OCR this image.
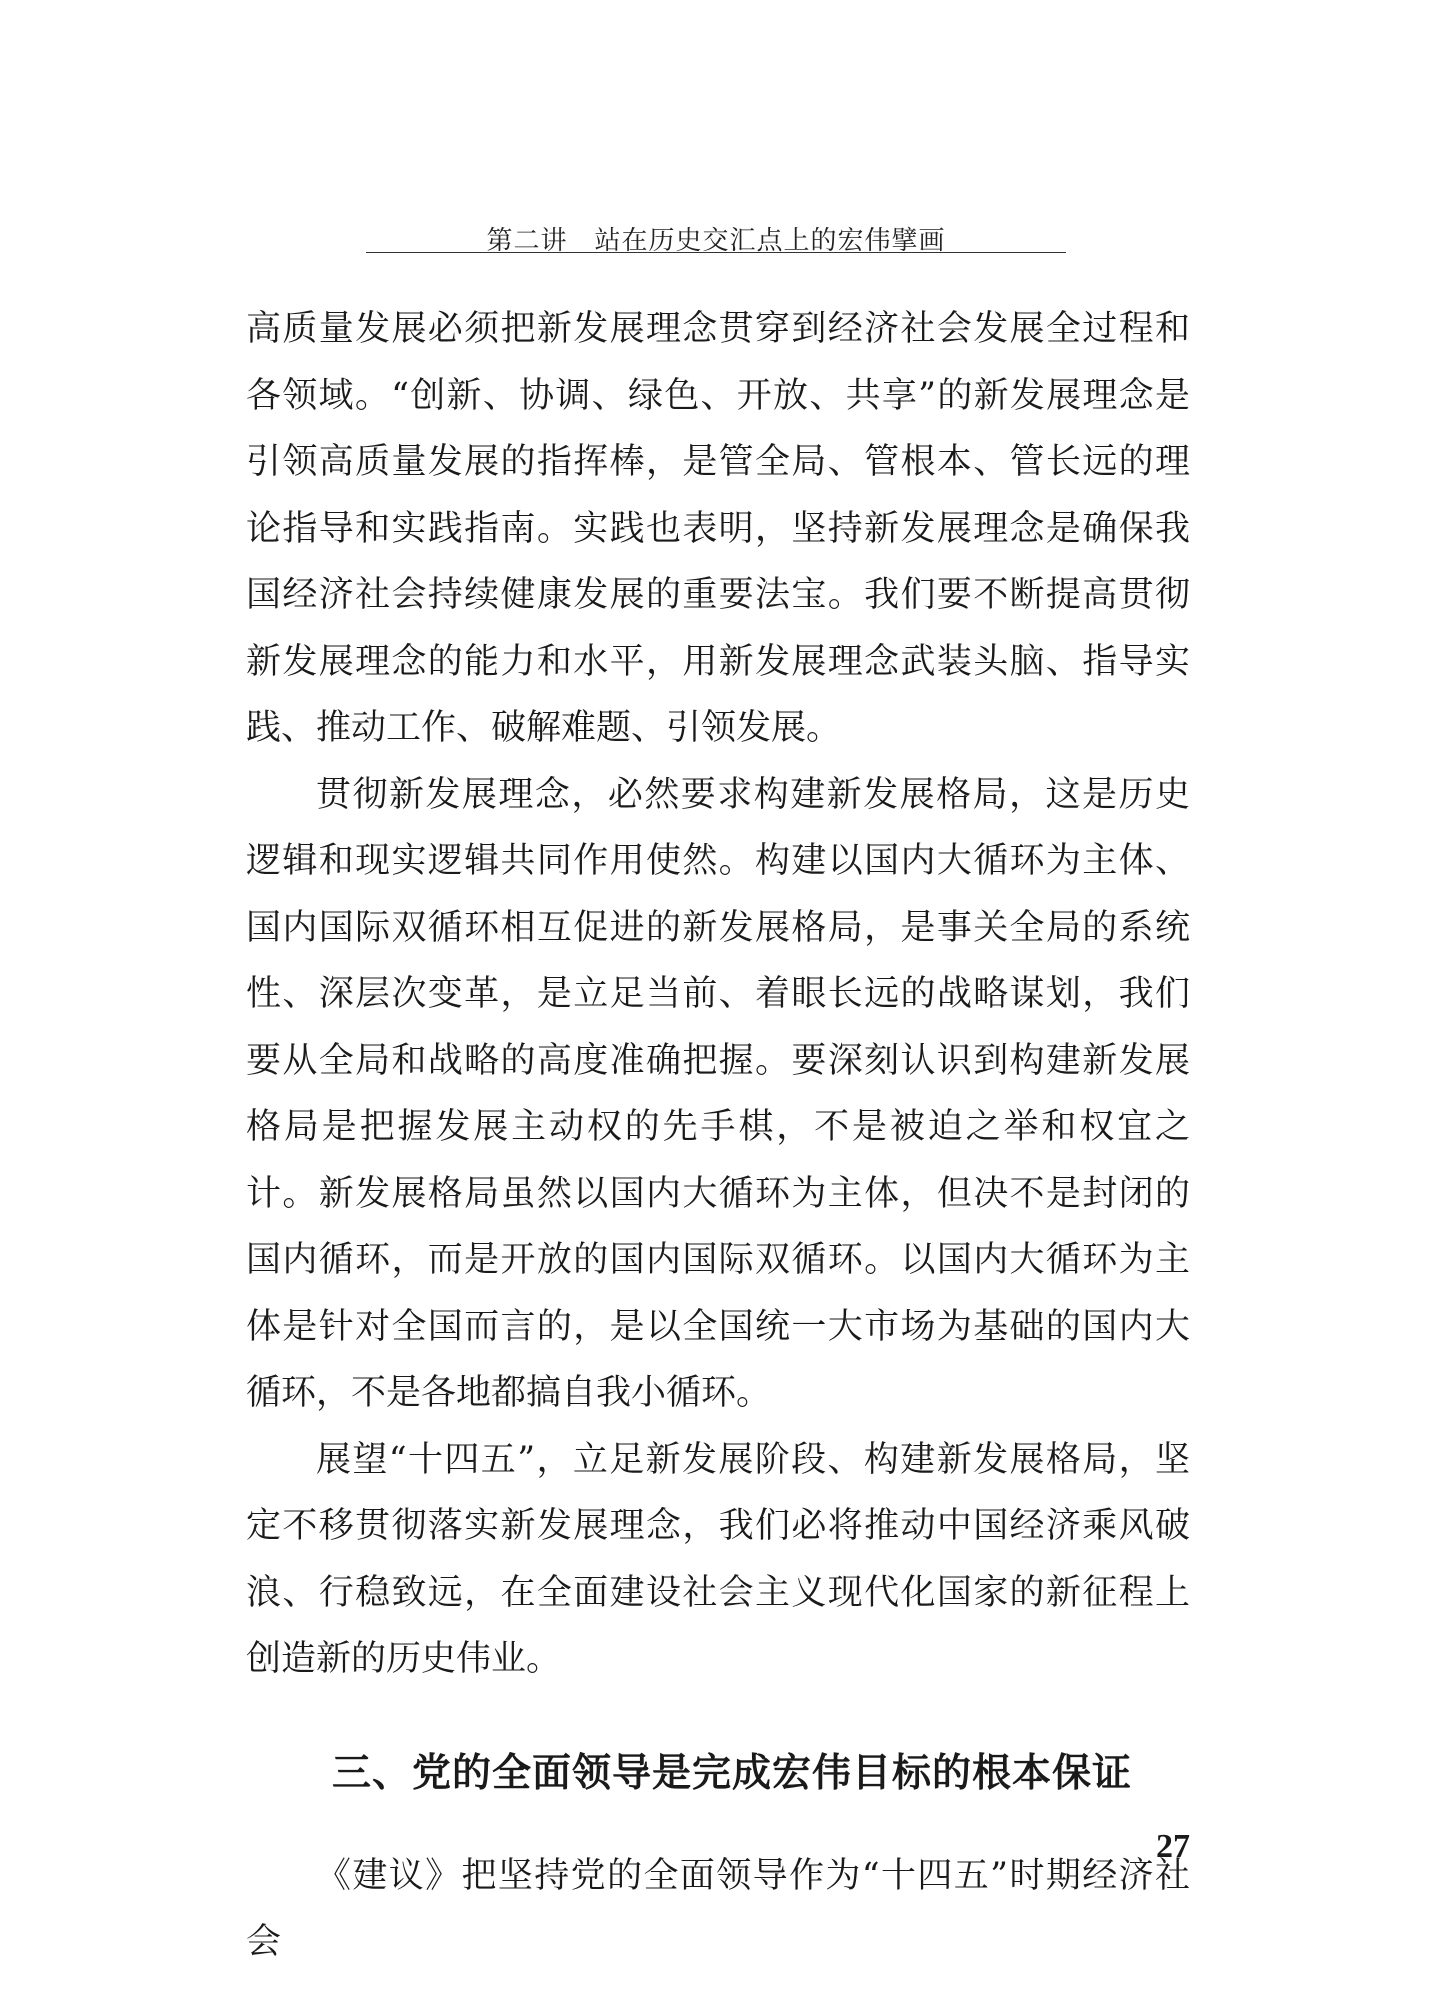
第二讲　站在历史交汇点上的宏伟擘画

高质量发展必须把新发展理念贯穿到经济社会发展全过程和各领域。“创新、协调、绿色、开放、共享”的新发展理念是引领高质量发展的指挥棒，是管全局、管根本、管长远的理论指导和实践指南。实践也表明，坚持新发展理念是确保我国经济社会持续健康发展的重要法宝。我们要不断提高贯彻新发展理念的能力和水平，用新发展理念武装头脑、指导实践、推动工作、破解难题、引领发展。

贯彻新发展理念，必然要求构建新发展格局，这是历史逻辑和现实逻辑共同作用使然。构建以国内大循环为主体、国内国际双循环相互促进的新发展格局，是事关全局的系统性、深层次变革，是立足当前、着眼长远的战略谋划，我们要从全局和战略的高度准确把握。要深刻认识到构建新发展格局是把握发展主动权的先手棋，不是被迫之举和权宜之计。新发展格局虽然以国内大循环为主体，但决不是封闭的国内循环，而是开放的国内国际双循环。以国内大循环为主体是针对全国而言的，是以全国统一大市场为基础的国内大循环，不是各地都搞自我小循环。

展望“十四五”，立足新发展阶段、构建新发展格局，坚定不移贯彻落实新发展理念，我们必将推动中国经济乘风破浪、行稳致远，在全面建设社会主义现代化国家的新征程上创造新的历史伟业。

三、党的全面领导是完成宏伟目标的根本保证

《建议》把坚持党的全面领导作为“十四五”时期经济社会

27
